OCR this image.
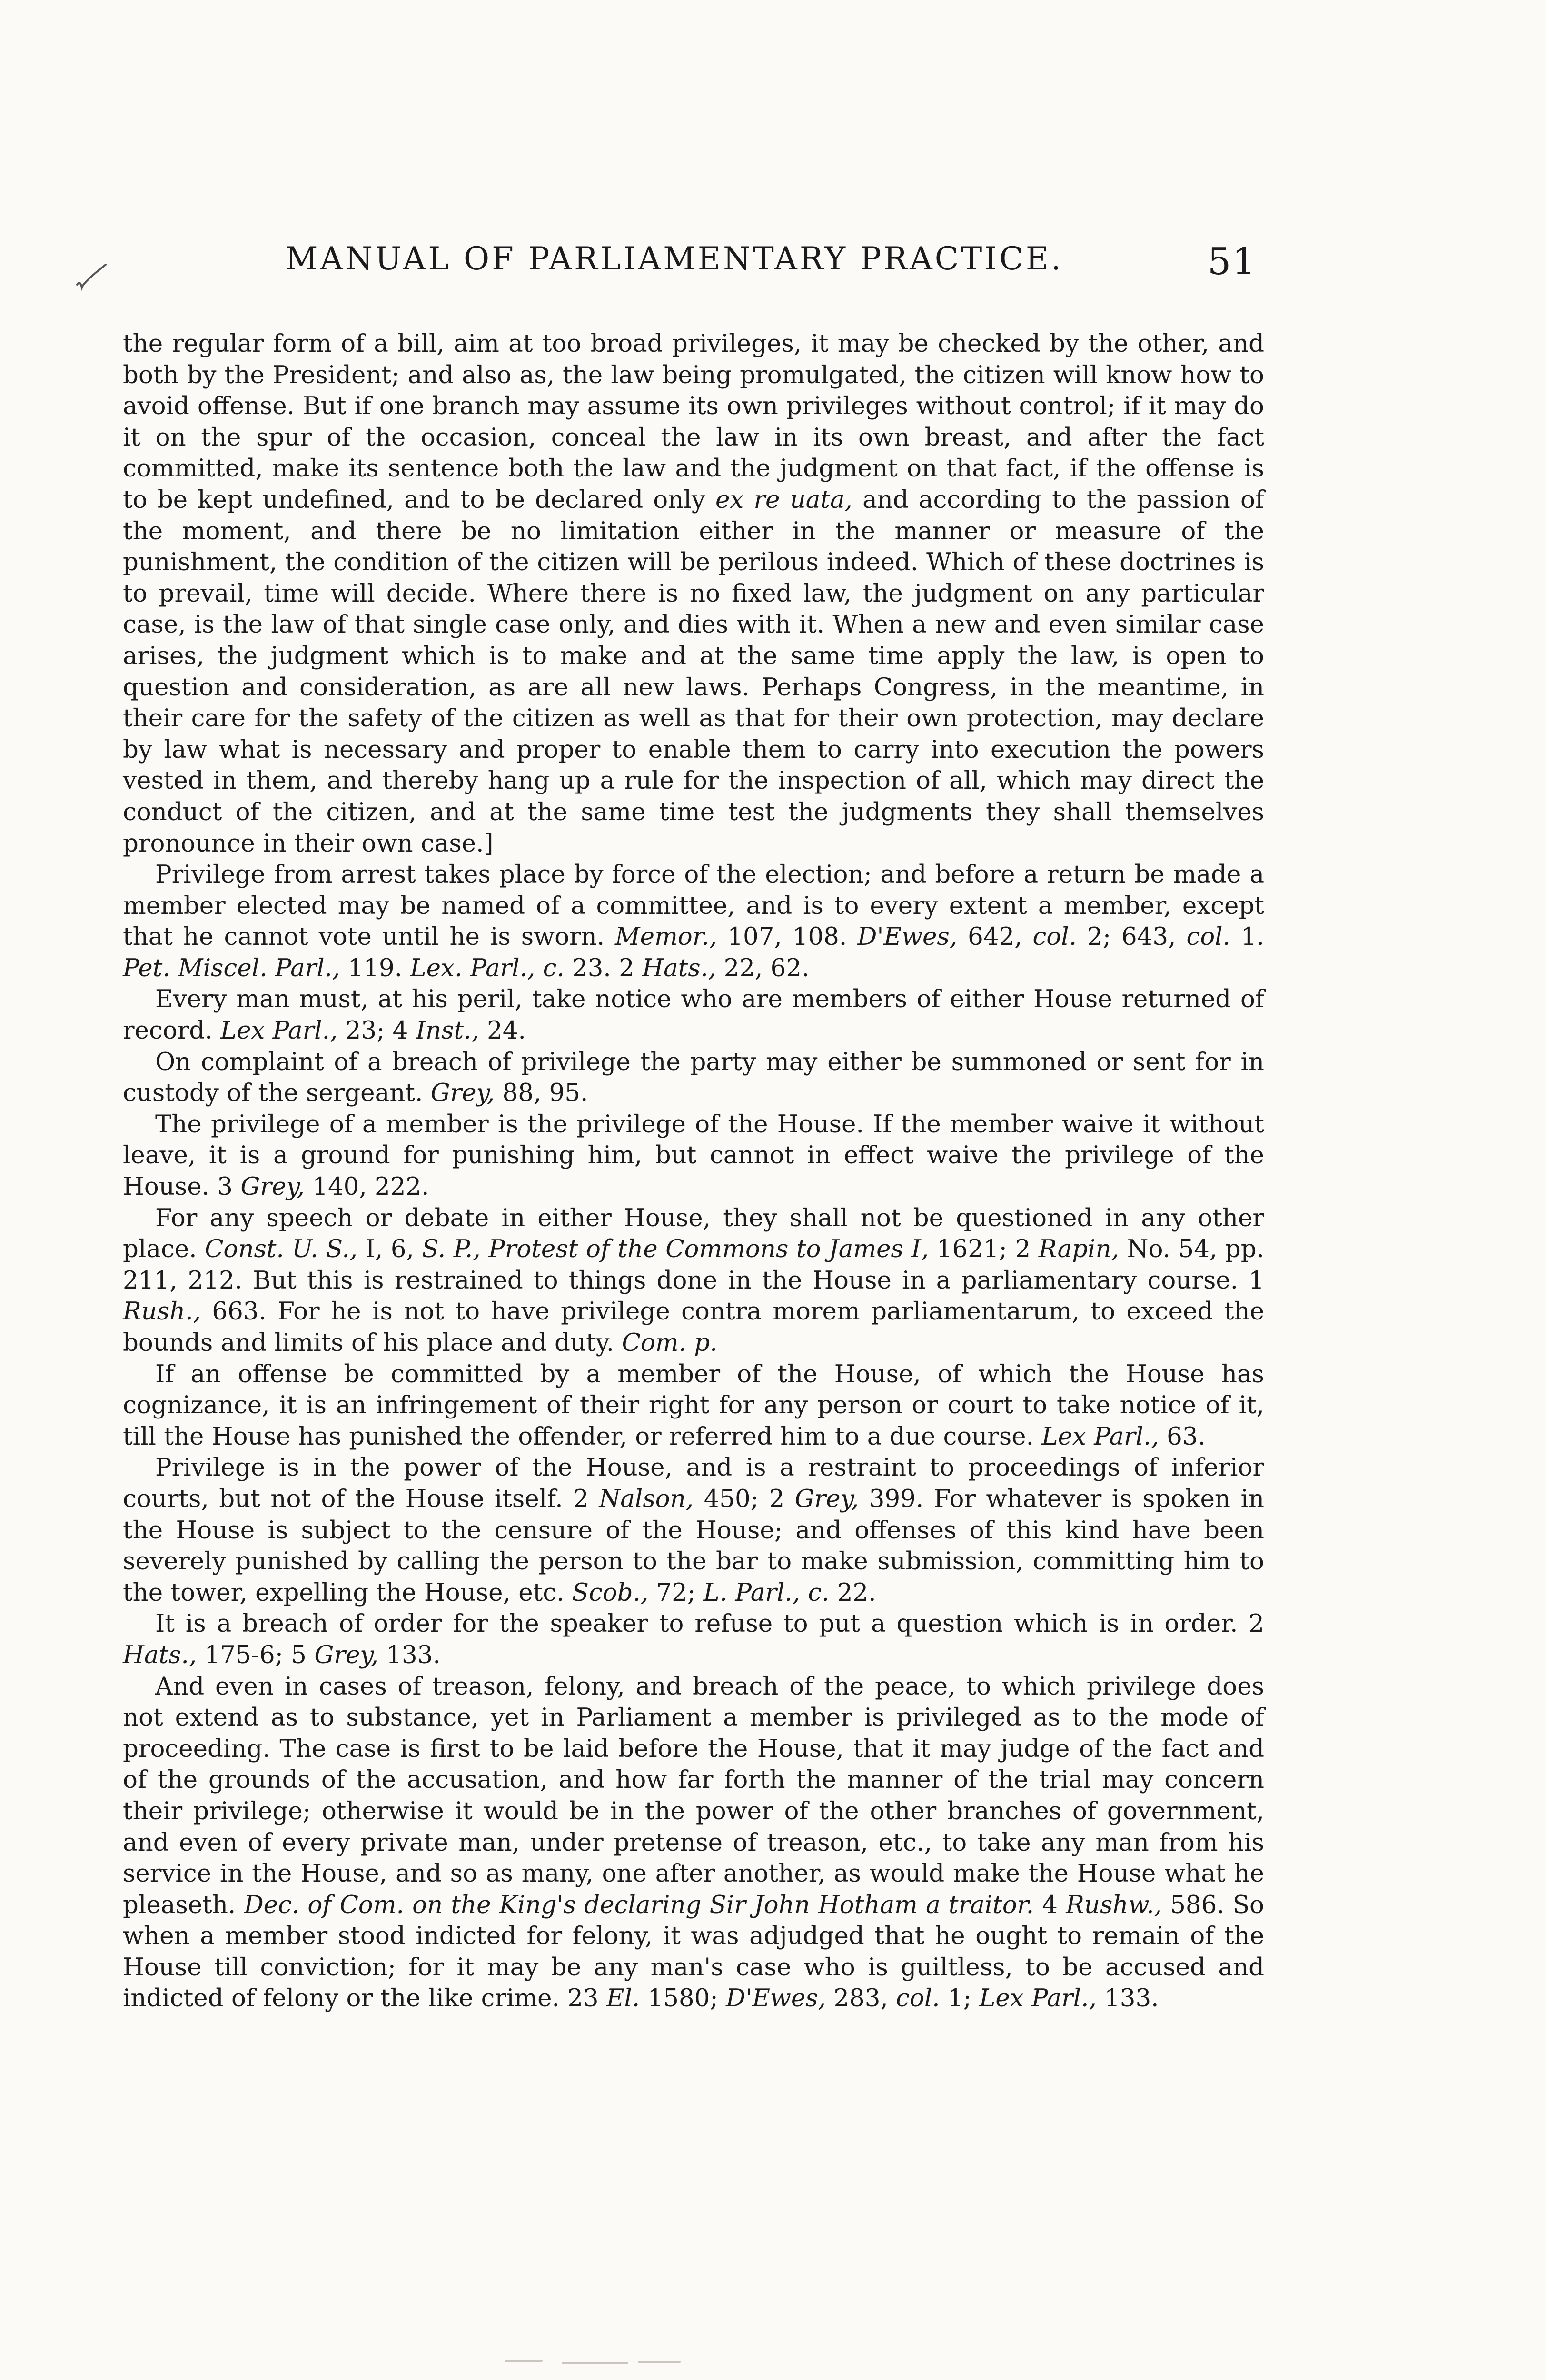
MANUAL OF PARLIAMENTARY PRACTICE.	51

the regular form of a bill, aim at too broad privileges, it may be checked by the other, and both by the President; and also as, the law being promulgated, the citizen will know how to avoid offense. But if one branch may assume its own privileges without control; if it may do it on the spur of the occasion, conceal the law in its own breast, and after the fact committed, make its sentence both the law and the judgment on that fact, if the offense is to be kept undefined, and to be declared only ex re uata, and according to the passion of the moment, and there be no limitation either in the manner or measure of the punishment, the condition of the citizen will be perilous indeed. Which of these doctrines is to prevail, time will decide. Where there is no fixed law, the judgment on any particular case, is the law of that single case only, and dies with it. When a new and even similar case arises, the judgment which is to make and at the same time apply the law, is open to question and consideration, as are all new laws. Perhaps Congress, in the meantime, in their care for the safety of the citizen as well as that for their own protection, may declare by law what is necessary and proper to enable them to carry into execution the powers vested in them, and thereby hang up a rule for the inspection of all, which may direct the conduct of the citizen, and at the same time test the judgments they shall themselves pronounce in their own case.]

Privilege from arrest takes place by force of the election; and before a return be made a member elected may be named of a committee, and is to every extent a member, except that he cannot vote until he is sworn. Memor., 107, 108. D'Ewes, 642, col. 2; 643, col. 1. Pet. Miscel. Parl., 119. Lex. Parl., c. 23. 2 Hats., 22, 62.

Every man must, at his peril, take notice who are members of either House returned of record. Lex Parl., 23; 4 Inst., 24.

On complaint of a breach of privilege the party may either be summoned or sent for in custody of the sergeant. Grey, 88, 95.

The privilege of a member is the privilege of the House. If the member waive it without leave, it is a ground for punishing him, but cannot in effect waive the privilege of the House. 3 Grey, 140, 222.

For any speech or debate in either House, they shall not be questioned in any other place. Const. U. S., I, 6, S. P., Protest of the Commons to James I, 1621; 2 Rapin, No. 54, pp. 211, 212. But this is restrained to things done in the House in a parliamentary course. 1 Rush., 663. For he is not to have privilege contra morem parliamentarum, to exceed the bounds and limits of his place and duty. Com. p.

If an offense be committed by a member of the House, of which the House has cognizance, it is an infringement of their right for any person or court to take notice of it, till the House has punished the offender, or referred him to a due course. Lex Parl., 63.

Privilege is in the power of the House, and is a restraint to proceedings of inferior courts, but not of the House itself. 2 Nalson, 450; 2 Grey, 399. For whatever is spoken in the House is subject to the censure of the House; and offenses of this kind have been severely punished by calling the person to the bar to make submission, committing him to the tower, expelling the House, etc. Scob., 72; L. Parl., c. 22.

It is a breach of order for the speaker to refuse to put a question which is in order. 2 Hats., 175-6; 5 Grey, 133.

And even in cases of treason, felony, and breach of the peace, to which privilege does not extend as to substance, yet in Parliament a member is privileged as to the mode of proceeding. The case is first to be laid before the House, that it may judge of the fact and of the grounds of the accusation, and how far forth the manner of the trial may concern their privilege; otherwise it would be in the power of the other branches of government, and even of every private man, under pretense of treason, etc., to take any man from his service in the House, and so as many, one after another, as would make the House what he pleaseth. Dec. of Com. on the King's declaring Sir John Hotham a traitor. 4 Rushw., 586. So when a member stood indicted for felony, it was adjudged that he ought to remain of the House till conviction; for it may be any man's case who is guiltless, to be accused and indicted of felony or the like crime. 23 El. 1580; D'Ewes, 283, col. 1; Lex Parl., 133.
